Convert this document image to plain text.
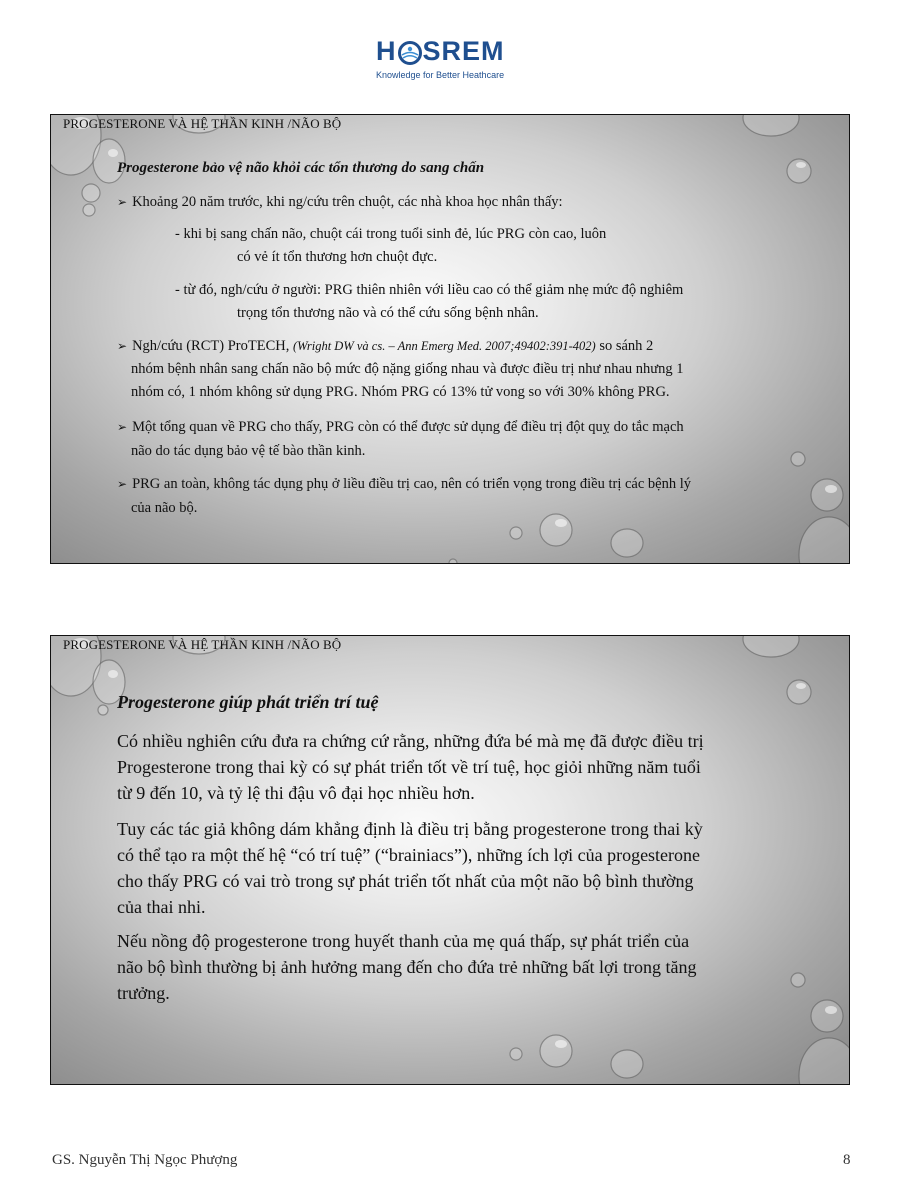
H SREM
Knowledge for Better Heathcare
PROGESTERONE VÀ HỆ THẦN KINH /NÃO BỘ
Progesterone bảo vệ não khỏi các tổn thương do sang chấn

➢ Khoảng 20 năm trước, khi ng/cứu trên chuột, các nhà khoa học nhân thấy:

- khi bị sang chấn não, chuột cái trong tuổi sinh đẻ, lúc PRG còn cao, luôn

có vẻ ít tổn thương hơn chuột đực.

- từ đó, ngh/cứu ở người: PRG thiên nhiên với liều cao có thể giảm nhẹ mức độ nghiêm

trọng tổn thương não và có thể cứu sống bệnh nhân.

➢ Ngh/cứu (RCT) ProTECH, (Wright DW và cs. – Ann Emerg Med. 2007;49402:391-402) so sánh 2

nhóm bệnh nhân sang chấn não bộ mức độ nặng giống nhau và được điều trị như nhau nhưng 1

nhóm có, 1 nhóm không sử dụng PRG. Nhóm PRG có 13% tử vong so với 30% không PRG.

➢ Một tổng quan về PRG cho thấy, PRG còn có thể được sử dụng để điều trị đột quỵ do tắc mạch

não do tác dụng bảo vệ tế bào thần kinh.

➢ PRG an toàn, không tác dụng phụ ở liều điều trị cao, nên có triển vọng trong điều trị các bệnh lý

của não bộ.

PROGESTERONE VÀ HỆ THẦN KINH /NÃO BỘ
Progesterone giúp phát triển trí tuệ

Có nhiều nghiên cứu đưa ra chứng cứ rằng, những đứa bé mà mẹ đã được điều trị

Progesterone trong thai kỳ có sự phát triển tốt về trí tuệ, học giỏi những năm tuổi

từ 9 đến 10, và tỷ lệ thi đậu vô đại học nhiều hơn.

Tuy các tác giả không dám khẳng định là điều trị bằng progesterone trong thai kỳ

có thể tạo ra một thế hệ “có trí tuệ” (“brainiacs”), những ích lợi của progesterone

cho thấy PRG có vai trò trong sự phát triển tốt nhất của một não bộ bình thường

của thai nhi.

Nếu nồng độ progesterone trong huyết thanh của mẹ quá thấp, sự phát triển của

não bộ bình thường bị ảnh hưởng mang đến cho đứa trẻ những bất lợi trong tăng

trưởng.

GS. Nguyễn Thị Ngọc Phượng	8
